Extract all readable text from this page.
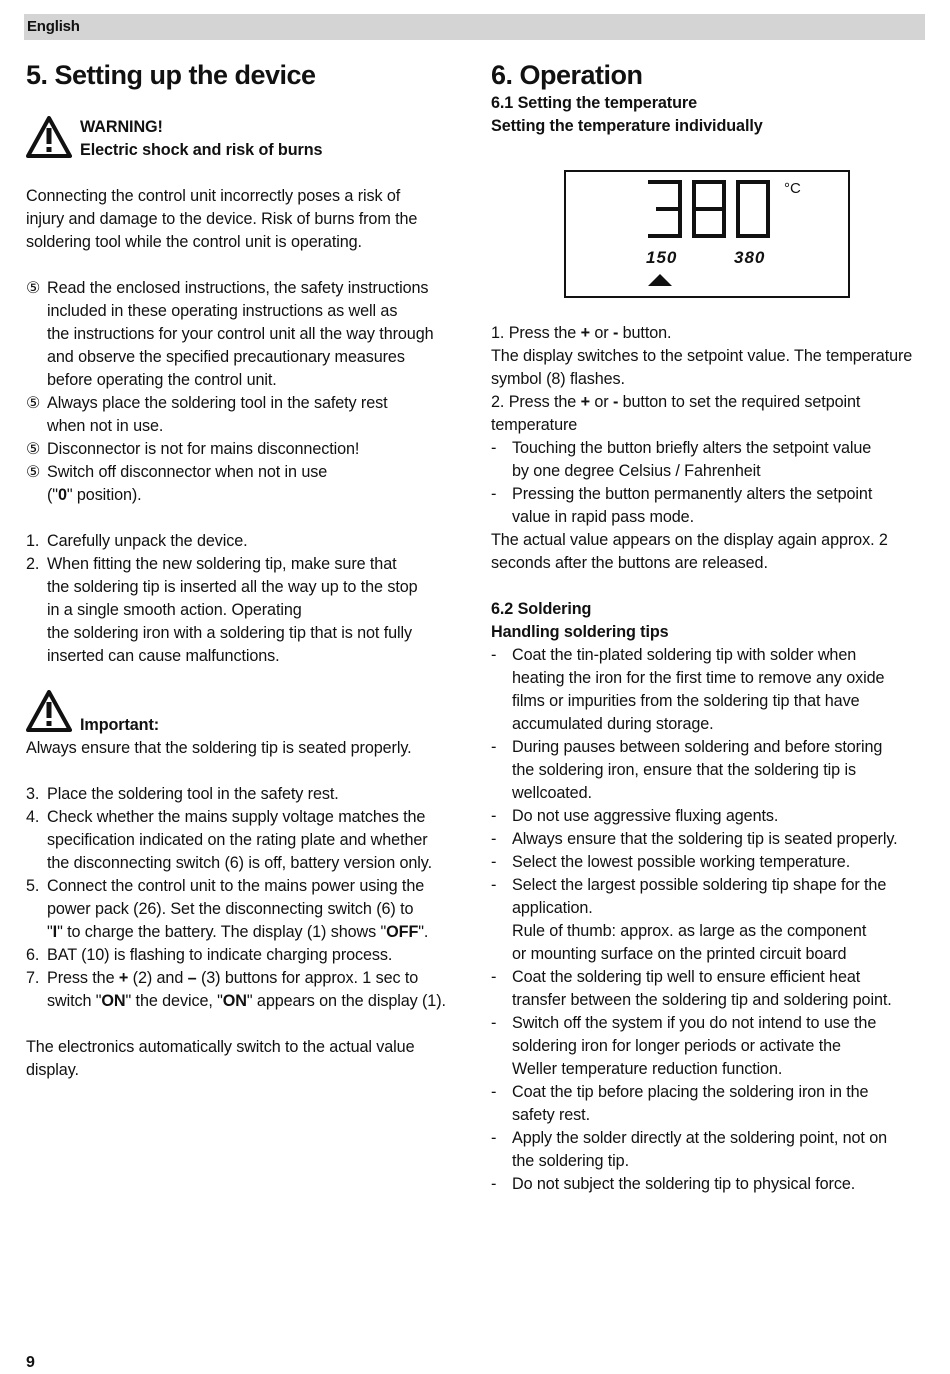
English
5. Setting up the device
WARNING!
Electric shock and risk of burns
Connecting the control unit incorrectly poses a risk of
injury and damage to the device. Risk of burns from the
soldering tool while the control unit is operating.
⑤ Read the enclosed instructions, the safety instructions
included in these operating instructions as well as
the instructions for your control unit all the way through
and observe the specified precautionary measures
before operating the control unit.
⑤ Always place the soldering tool in the safety rest
when not in use.
⑤ Disconnector is not for mains disconnection!
⑤ Switch off disconnector when not in use
("0" position).
1. Carefully unpack the device.
2. When fitting the new soldering tip, make sure that
the soldering tip is inserted all the way up to the stop
in a single smooth action. Operating
the soldering iron with a soldering tip that is not fully
inserted can cause malfunctions.
Important:
Always ensure that the soldering tip is seated properly.
3. Place the soldering tool in the safety rest.
4. Check whether the mains supply voltage matches the
specification indicated on the rating plate and whether
the disconnecting switch (6) is off, battery version only.
5. Connect the control unit to the mains power using the
power pack (26). Set the disconnecting switch (6) to
"I" to charge the battery. The display (1) shows "OFF".
6. BAT (10) is flashing to indicate charging process.
7. Press the + (2) and – (3) buttons for approx. 1 sec to
switch "ON" the device, "ON" appears on the display (1).
The electronics automatically switch to the actual value
display.
6. Operation
6.1 Setting the temperature
Setting the temperature individually
°C
150	380
1. Press the + or - button.
The display switches to the setpoint value. The temperature
symbol (8) flashes.
2. Press the + or - button to set the required setpoint
temperature
- Touching the button briefly alters the setpoint value
by one degree Celsius / Fahrenheit
- Pressing the button permanently alters the setpoint
value in rapid pass mode.
The actual value appears on the display again approx. 2
seconds after the buttons are released.
6.2 Soldering
Handling soldering tips
- Coat the tin-plated soldering tip with solder when
heating the iron for the first time to remove any oxide
films or impurities from the soldering tip that have
accumulated during storage.
- During pauses between soldering and before storing
the soldering iron, ensure that the soldering tip is
wellcoated.
- Do not use aggressive fluxing agents.
- Always ensure that the soldering tip is seated properly.
- Select the lowest possible working temperature.
- Select the largest possible soldering tip shape for the
application.
Rule of thumb: approx. as large as the component
or mounting surface on the printed circuit board
- Coat the soldering tip well to ensure efficient heat
transfer between the soldering tip and soldering point.
- Switch off the system if you do not intend to use the
soldering iron for longer periods or activate the
Weller temperature reduction function.
- Coat the tip before placing the soldering iron in the
safety rest.
- Apply the solder directly at the soldering point, not on
the soldering tip.
- Do not subject the soldering tip to physical force.
9
